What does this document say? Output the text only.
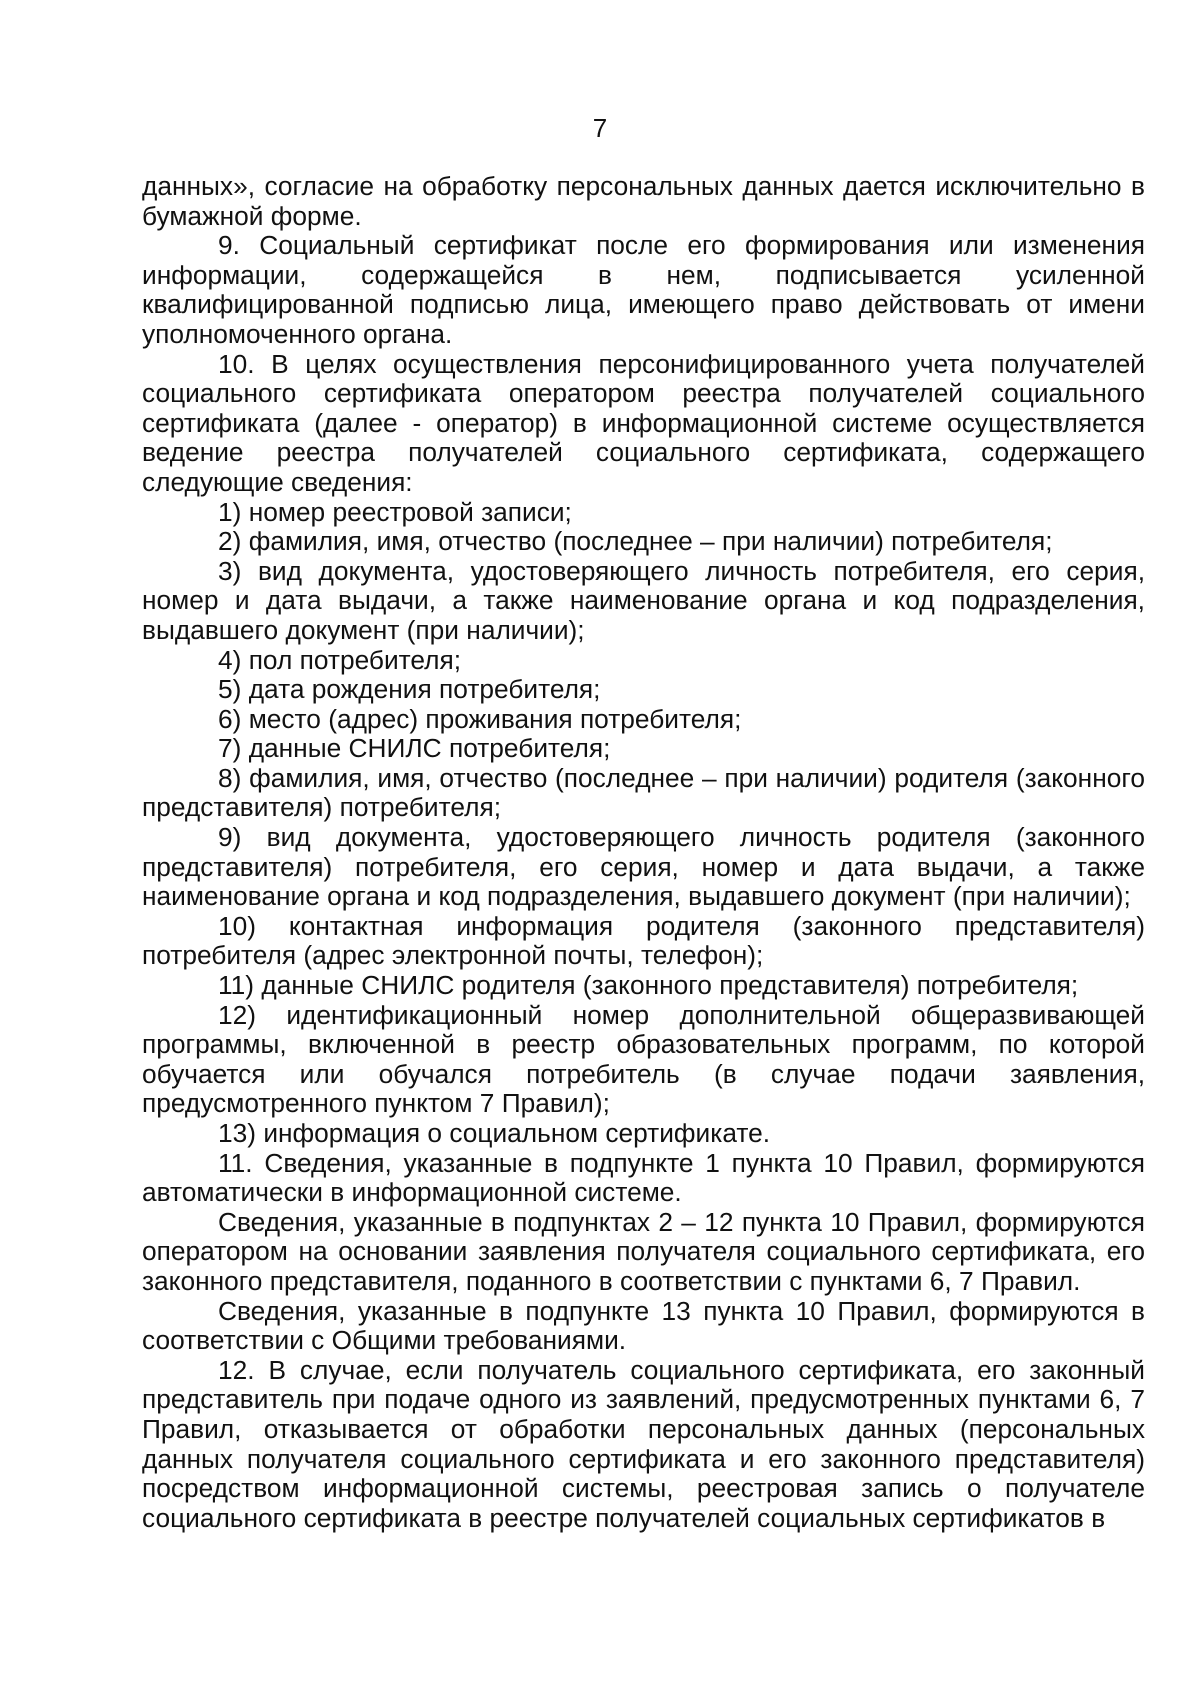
7

данных», согласие на обработку персональных данных дается исключительно в бумажной форме.

9. Социальный сертификат после его формирования или изменения информации, содержащейся в нем, подписывается усиленной квалифицированной подписью лица, имеющего право действовать от имени уполномоченного органа.

10. В целях осуществления персонифицированного учета получателей социального сертификата оператором реестра получателей социального сертификата (далее - оператор) в информационной системе осуществляется ведение реестра получателей социального сертификата, содержащего следующие сведения:

1) номер реестровой записи;

2) фамилия, имя, отчество (последнее – при наличии) потребителя;

3) вид документа, удостоверяющего личность потребителя, его серия, номер и дата выдачи, а также наименование органа и код подразделения, выдавшего документ (при наличии);

4) пол потребителя;

5) дата рождения потребителя;

6) место (адрес) проживания потребителя;

7) данные СНИЛС потребителя;

8) фамилия, имя, отчество (последнее – при наличии) родителя (законного представителя) потребителя;

9) вид документа, удостоверяющего личность родителя (законного представителя) потребителя, его серия, номер и дата выдачи, а также наименование органа и код подразделения, выдавшего документ (при наличии);

10) контактная информация родителя (законного представителя) потребителя (адрес электронной почты, телефон);

11) данные СНИЛС родителя (законного представителя) потребителя;

12) идентификационный номер дополнительной общеразвивающей программы, включенной в реестр образовательных программ, по которой обучается или обучался потребитель (в случае подачи заявления, предусмотренного пунктом 7 Правил);

13) информация о социальном сертификате.

11. Сведения, указанные в подпункте 1 пункта 10 Правил, формируются автоматически в информационной системе.

Сведения, указанные в подпунктах 2 – 12 пункта 10 Правил, формируются оператором на основании заявления получателя социального сертификата, его законного представителя, поданного в соответствии с пунктами 6, 7 Правил.

Сведения, указанные в подпункте 13 пункта 10 Правил, формируются в соответствии с Общими требованиями.

12. В случае, если получатель социального сертификата, его законный представитель при подаче одного из заявлений, предусмотренных пунктами 6, 7 Правил, отказывается от обработки персональных данных (персональных данных получателя социального сертификата и его законного представителя) посредством информационной системы, реестровая запись о получателе социального сертификата в реестре получателей социальных сертификатов в
